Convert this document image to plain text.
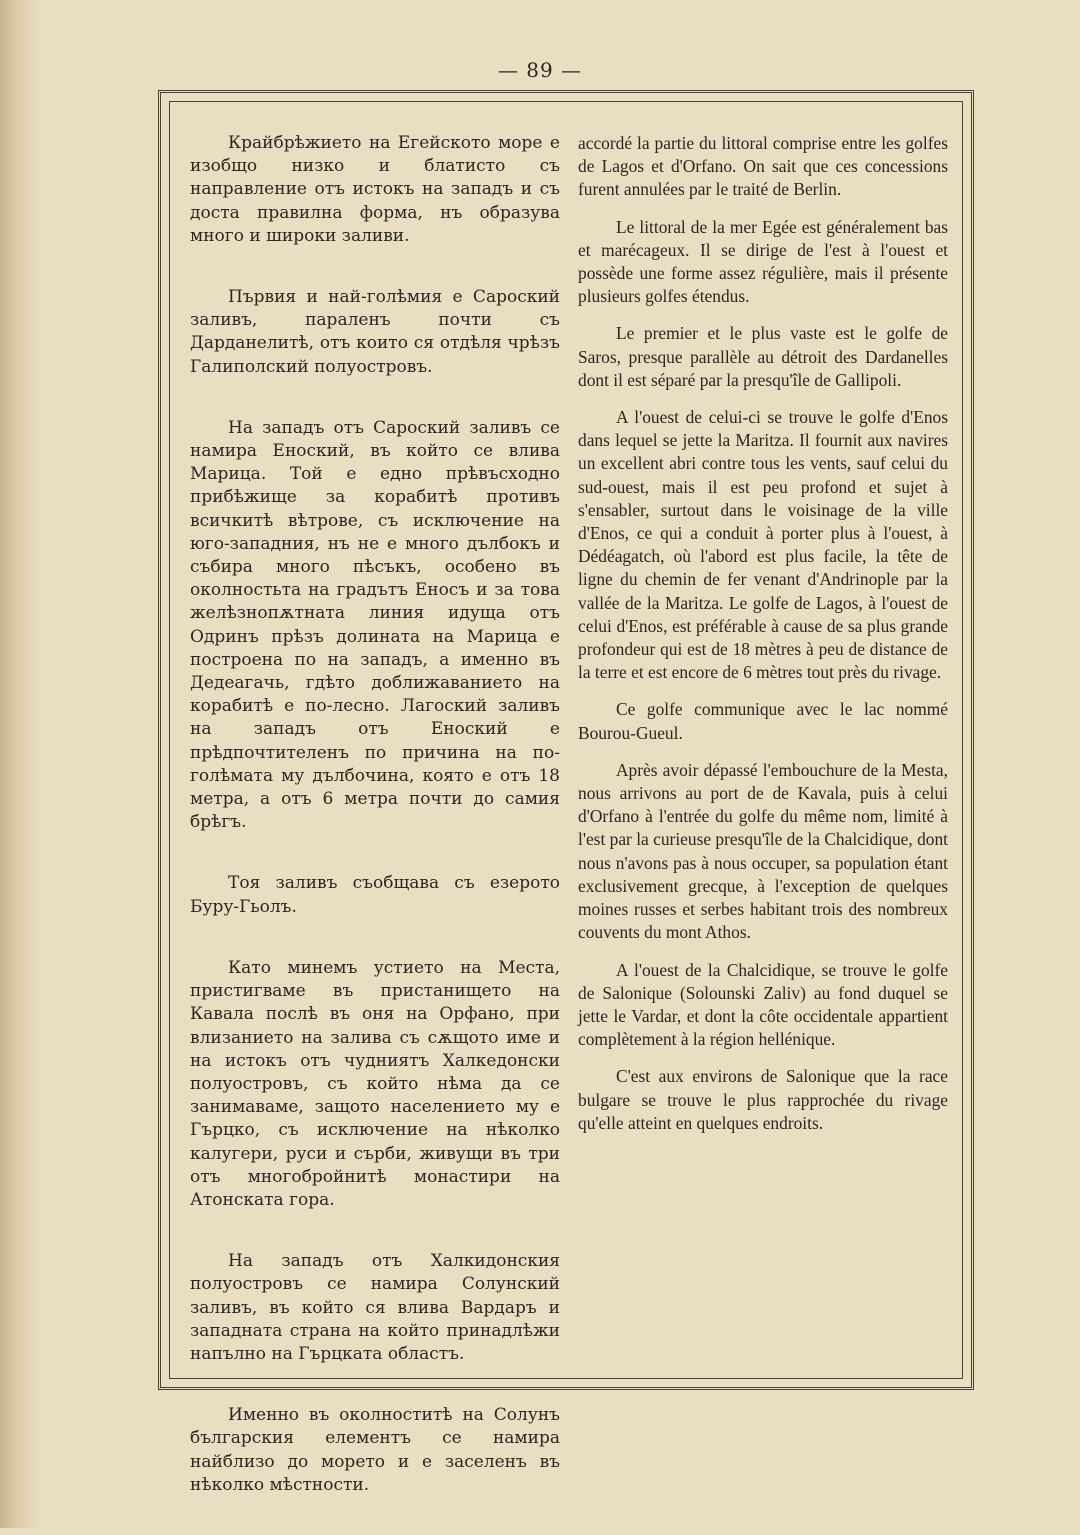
— 89 —

Крайбрѣжието на Егейското море е изобщо низко и блатисто съ направление отъ истокъ на западъ и съ доста правилна форма, нъ образува много и широки заливи.

Първия и най-голѣмия е Сароский заливъ, параленъ почти съ Дарданелитѣ, отъ които ся отдѣля чрѣзъ Галиполский полуостровъ.

На западъ отъ Сароский заливъ се намира Еноский, въ който се влива Марица. Той е едно прѣвъсходно прибѣжище за корабитѣ противъ всичкитѣ вѣтрове, съ исключение на юго-западния, нъ не е много дълбокъ и събира много пѣсъкъ, особено въ околностьта на градътъ Еносъ и за това желѣзнопѫтната линия идуща отъ Одринъ прѣзъ долината на Марица е построена по на западъ, а именно въ Дедеагачь, гдѣто доближаванието на корабитѣ е по-лесно. Лагоский заливъ на западъ отъ Еноский е прѣдпочтителенъ по причина на по-голѣмата му дълбочина, която е отъ 18 метра, а отъ 6 метра почти до самия брѣгъ.

Тоя заливъ съобщава съ езерото Буру-Гьолъ.

Като минемъ устието на Места, пристигваме въ пристанището на Кавала послѣ въ оня на Орфано, при влизанието на залива съ сѫщото име и на истокъ отъ чудниятъ Халкедонски полуостровъ, съ който нѣма да се занимаваме, защото населението му е Гърцко, съ исключение на нѣколко калугери, руси и сърби, живущи въ три отъ многобройнитѣ монастири на Атонската гора.

На западъ отъ Халкидонския полуостровъ се намира Солунский заливъ, въ който ся влива Вардаръ и западната страна на който принадлѣжи напълно на Гърцката областъ.

Именно въ околноститѣ на Солунъ българския елементъ се намира найблизо до морето и е заселенъ въ нѣколко мѣстности.

accordé la partie du littoral comprise entre les golfes de Lagos et d'Orfano. On sait que ces concessions furent annulées par le traité de Berlin.

Le littoral de la mer Egée est généralement bas et marécageux. Il se dirige de l'est à l'ouest et possède une forme assez régulière, mais il présente plusieurs golfes étendus.

Le premier et le plus vaste est le golfe de Saros, presque parallèle au détroit des Dardanelles dont il est séparé par la presqu'île de Gallipoli.

A l'ouest de celui-ci se trouve le golfe d'Enos dans lequel se jette la Maritza. Il fournit aux navires un excellent abri contre tous les vents, sauf celui du sud-ouest, mais il est peu profond et sujet à s'ensabler, surtout dans le voisinage de la ville d'Enos, ce qui a conduit à porter plus à l'ouest, à Dédéagatch, où l'abord est plus facile, la tête de ligne du chemin de fer venant d'Andrinople par la vallée de la Maritza. Le golfe de Lagos, à l'ouest de celui d'Enos, est préférable à cause de sa plus grande profondeur qui est de 18 mètres à peu de distance de la terre et est encore de 6 mètres tout près du rivage.

Ce golfe communique avec le lac nommé Bourou-Gueul.

Après avoir dépassé l'embouchure de la Mesta, nous arrivons au port de de Kavala, puis à celui d'Orfano à l'entrée du golfe du même nom, limité à l'est par la curieuse presqu'île de la Chalcidique, dont nous n'avons pas à nous occuper, sa population étant exclusivement grecque, à l'exception de quelques moines russes et serbes habitant trois des nombreux couvents du mont Athos.

A l'ouest de la Chalcidique, se trouve le golfe de Salonique (Solounski Zaliv) au fond duquel se jette le Vardar, et dont la côte occidentale appartient complètement à la région hellénique.

C'est aux environs de Salonique que la race bulgare se trouve le plus rapprochée du rivage qu'elle atteint en quelques endroits.
